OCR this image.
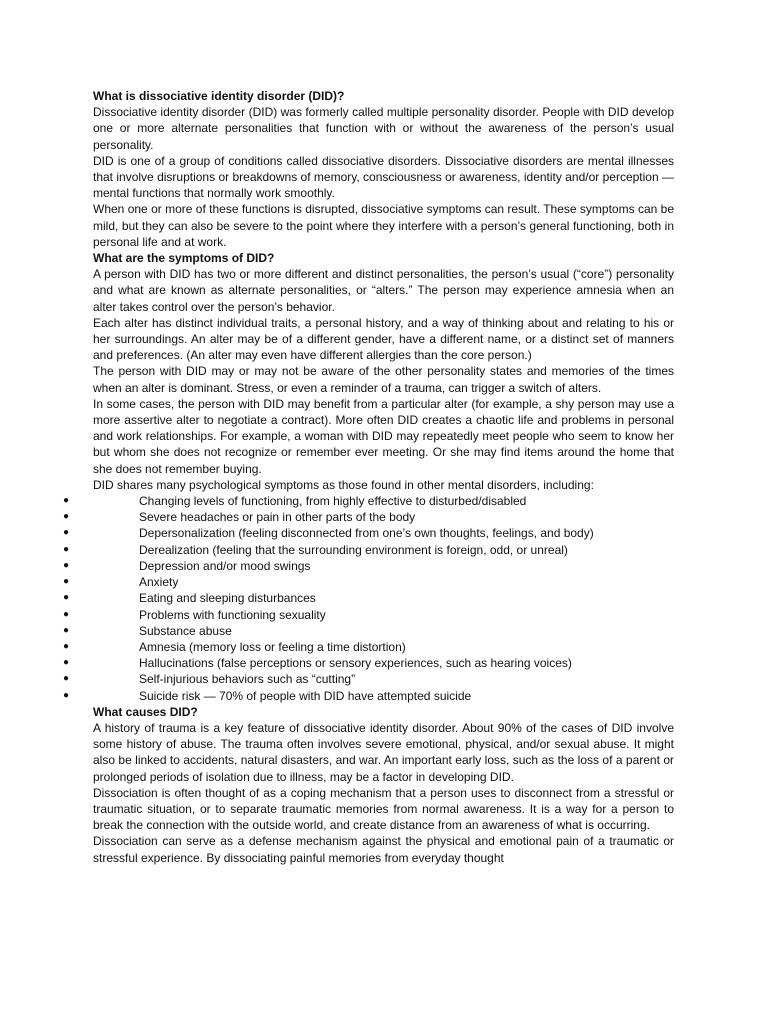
What is dissociative identity disorder (DID)?

Dissociative identity disorder (DID) was formerly called multiple personality disorder. People with DID develop one or more alternate personalities that function with or without the awareness of the person’s usual personality.

DID is one of a group of conditions called dissociative disorders. Dissociative disorders are mental illnesses that involve disruptions or breakdowns of memory, consciousness or awareness, identity and/or perception — mental functions that normally work smoothly.

When one or more of these functions is disrupted, dissociative symptoms can result. These symptoms can be mild, but they can also be severe to the point where they interfere with a person’s general functioning, both in personal life and at work.

What are the symptoms of DID?

A person with DID has two or more different and distinct personalities, the person’s usual (“core”) personality and what are known as alternate personalities, or “alters.” The person may experience amnesia when an alter takes control over the person’s behavior.

Each alter has distinct individual traits, a personal history, and a way of thinking about and relating to his or her surroundings. An alter may be of a different gender, have a different name, or a distinct set of manners and preferences. (An alter may even have different allergies than the core person.)

The person with DID may or may not be aware of the other personality states and memories of the times when an alter is dominant. Stress, or even a reminder of a trauma, can trigger a switch of alters.

In some cases, the person with DID may benefit from a particular alter (for example, a shy person may use a more assertive alter to negotiate a contract). More often DID creates a chaotic life and problems in personal and work relationships. For example, a woman with DID may repeatedly meet people who seem to know her but whom she does not recognize or remember ever meeting. Or she may find items around the home that she does not remember buying.

DID shares many psychological symptoms as those found in other mental disorders, including:

●	Changing levels of functioning, from highly effective to disturbed/disabled
●	Severe headaches or pain in other parts of the body
●	Depersonalization (feeling disconnected from one’s own thoughts, feelings, and body)
●	Derealization (feeling that the surrounding environment is foreign, odd, or unreal)
●	Depression and/or mood swings
●	Anxiety
●	Eating and sleeping disturbances
●	Problems with functioning sexuality
●	Substance abuse
●	Amnesia (memory loss or feeling a time distortion)
●	Hallucinations (false perceptions or sensory experiences, such as hearing voices)
●	Self-injurious behaviors such as “cutting”
●	Suicide risk — 70% of people with DID have attempted suicide

What causes DID?

A history of trauma is a key feature of dissociative identity disorder. About 90% of the cases of DID involve some history of abuse. The trauma often involves severe emotional, physical, and/or sexual abuse. It might also be linked to accidents, natural disasters, and war. An important early loss, such as the loss of a parent or prolonged periods of isolation due to illness, may be a factor in developing DID.

Dissociation is often thought of as a coping mechanism that a person uses to disconnect from a stressful or traumatic situation, or to separate traumatic memories from normal awareness. It is a way for a person to break the connection with the outside world, and create distance from an awareness of what is occurring.

Dissociation can serve as a defense mechanism against the physical and emotional pain of a traumatic or stressful experience. By dissociating painful memories from everyday thought
